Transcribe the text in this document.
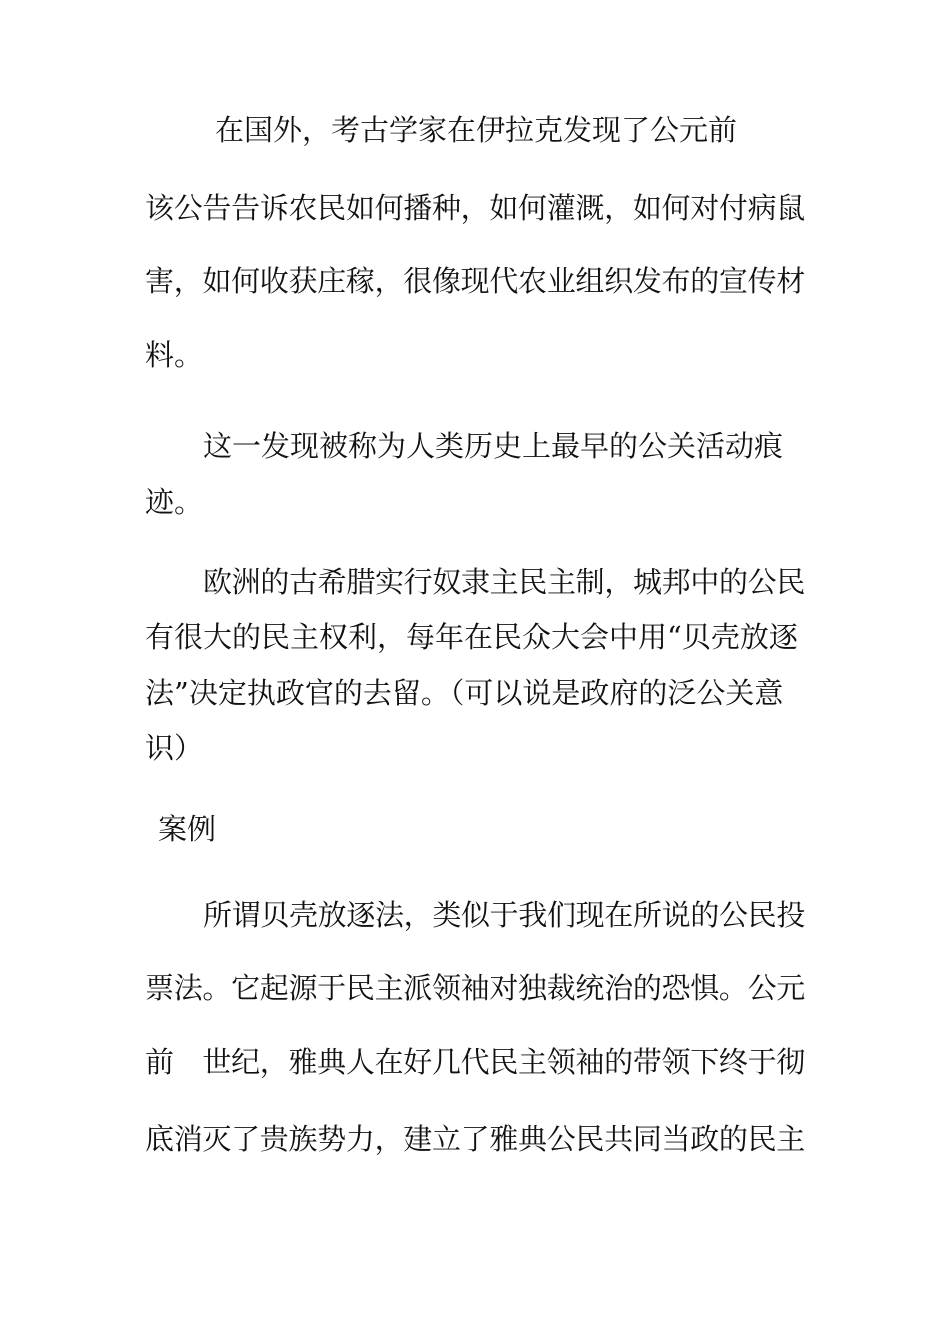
在国外，考古学家在伊拉克发现了公元前
该公告告诉农民如何播种，如何灌溉，如何对付病鼠
害，如何收获庄稼，很像现代农业组织发布的宣传材
料。
这一发现被称为人类历史上最早的公关活动痕
迹。
欧洲的古希腊实行奴隶主民主制，城邦中的公民
有很大的民主权利，每年在民众大会中用“贝壳放逐
法”决定执政官的去留。（可以说是政府的泛公关意
识）
案例
所谓贝壳放逐法，类似于我们现在所说的公民投
票法。它起源于民主派领袖对独裁统治的恐惧。公元
前　世纪，雅典人在好几代民主领袖的带领下终于彻
底消灭了贵族势力，建立了雅典公民共同当政的民主
